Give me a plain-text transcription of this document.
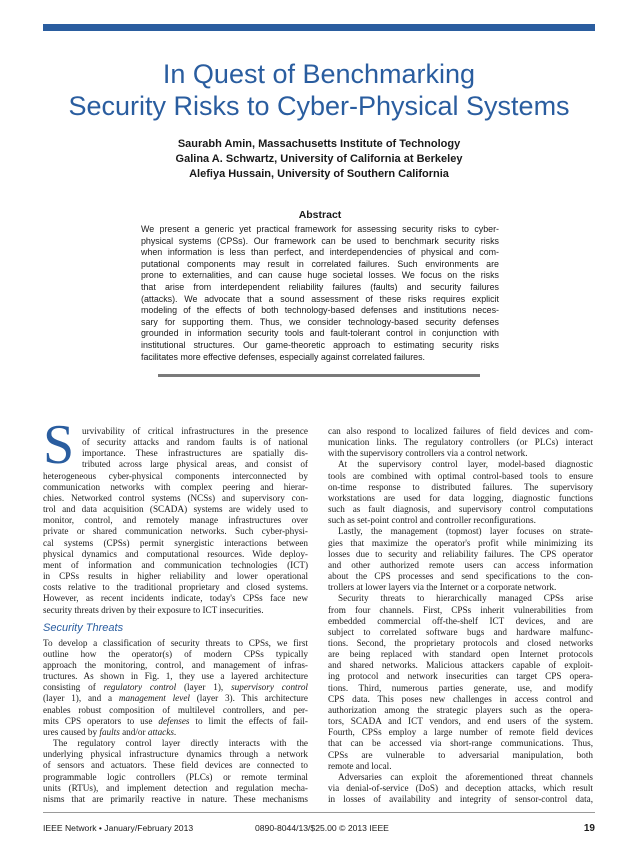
In Quest of Benchmarking
Security Risks to Cyber-Physical Systems
Saurabh Amin, Massachusetts Institute of Technology
Galina A. Schwartz, University of California at Berkeley
Alefiya Hussain, University of Southern California
Abstract
We present a generic yet practical framework for assessing security risks to cyber-
physical systems (CPSs). Our framework can be used to benchmark security risks
when information is less than perfect, and interdependencies of physical and com-
putational components may result in correlated failures. Such environments are
prone to externalities, and can cause huge societal losses. We focus on the risks
that arise from interdependent reliability failures (faults) and security failures
(attacks). We advocate that a sound assessment of these risks requires explicit
modeling of the effects of both technology-based defenses and institutions neces-
sary for supporting them. Thus, we consider technology-based security defenses
grounded in information security tools and fault-tolerant control in conjunction with
institutional structures. Our game-theoretic approach to estimating security risks
facilitates more effective defenses, especially against correlated failures.
S urvivability of critical infrastructures in the presence
of security attacks and random faults is of national
importance. These infrastructures are spatially dis-
tributed across large physical areas, and consist of
heterogeneous cyber-physical components interconnected by
communication networks with complex peering and hierar-
chies. Networked control systems (NCSs) and supervisory con-
trol and data acquisition (SCADA) systems are widely used to
monitor, control, and remotely manage infrastructures over
private or shared communication networks. Such cyber-physi-
cal systems (CPSs) permit synergistic interactions between
physical dynamics and computational resources. Wide deploy-
ment of information and communication technologies (ICT)
in CPSs results in higher reliability and lower operational
costs relative to the traditional proprietary and closed systems.
However, as recent incidents indicate, today's CPSs face new
security threats driven by their exposure to ICT insecurities.
Security Threats
To develop a classification of security threats to CPSs, we first
outline how the operator(s) of modern CPSs typically
approach the monitoring, control, and management of infras-
tructures. As shown in Fig. 1, they use a layered architecture
consisting of regulatory control (layer 1), supervisory control
(layer 1), and a management level (layer 3). This architecture
enables robust composition of multilevel controllers, and per-
mits CPS operators to use defenses to limit the effects of fail-
ures caused by faults and/or attacks.
The regulatory control layer directly interacts with the
underlying physical infrastructure dynamics through a network
of sensors and actuators. These field devices are connected to
programmable logic controllers (PLCs) or remote terminal
units (RTUs), and implement detection and regulation mecha-
nisms that are primarily reactive in nature. These mechanisms
can also respond to localized failures of field devices and com-
munication links. The regulatory controllers (or PLCs) interact
with the supervisory controllers via a control network.
At the supervisory control layer, model-based diagnostic
tools are combined with optimal control-based tools to ensure
on-time response to distributed failures. The supervisory
workstations are used for data logging, diagnostic functions
such as fault diagnosis, and supervisory control computations
such as set-point control and controller reconfigurations.
Lastly, the management (topmost) layer focuses on strate-
gies that maximize the operator's profit while minimizing its
losses due to security and reliability failures. The CPS operator
and other authorized remote users can access information
about the CPS processes and send specifications to the con-
trollers at lower layers via the Internet or a corporate network.
Security threats to hierarchically managed CPSs arise
from four channels. First, CPSs inherit vulnerabilities from
embedded commercial off-the-shelf ICT devices, and are
subject to correlated software bugs and hardware malfunc-
tions. Second, the proprietary protocols and closed networks
are being replaced with standard open Internet protocols
and shared networks. Malicious attackers capable of exploit-
ing protocol and network insecurities can target CPS opera-
tions. Third, numerous parties generate, use, and modify
CPS data. This poses new challenges in access control and
authorization among the strategic players such as the opera-
tors, SCADA and ICT vendors, and end users of the system.
Fourth, CPSs employ a large number of remote field devices
that can be accessed via short-range communications. Thus,
CPSs are vulnerable to adversarial manipulation, both
remote and local.
Adversaries can exploit the aforementioned threat channels
via denial-of-service (DoS) and deception attacks, which result
in losses of availability and integrity of sensor-control data,
IEEE Network • January/February 2013	0890-8044/13/$25.00 © 2013 IEEE	19
